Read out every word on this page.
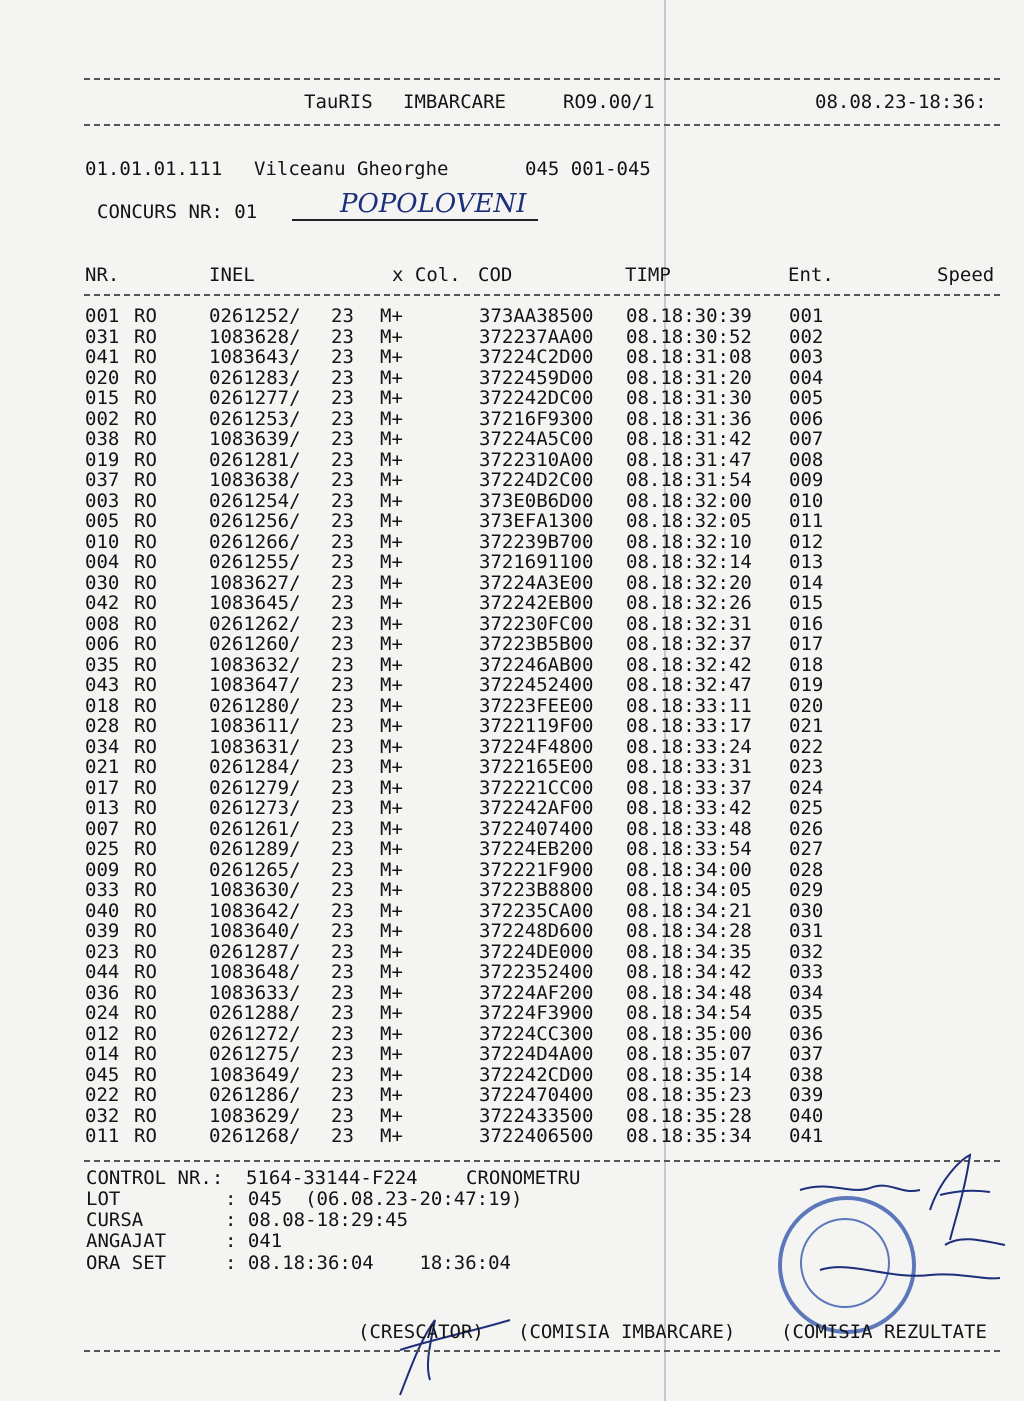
TauRIS IMBARCARE	RO9.00/1	08.08.23-18:36:
01.01.01.111 Vilceanu Gheorghe	045 001-045
CONCURS NR: 01	POPOLOVENI
NR.	INEL	x Col. COD	TIMP	Ent.	Speed
001 RO	0261252/ 23 M+	373AA38500 08.18:30:39 001
031 RO	1083628/ 23 M+	372237AA00 08.18:30:52 002
041 RO	1083643/ 23 M+	37224C2D00 08.18:31:08 003
020 RO	0261283/ 23 M+	3722459D00 08.18:31:20 004
015 RO	0261277/ 23 M+	372242DC00 08.18:31:30 005
002 RO	0261253/ 23 M+	37216F9300 08.18:31:36 006
038 RO	1083639/ 23 M+	37224A5C00 08.18:31:42 007
019 RO	0261281/ 23 M+	3722310A00 08.18:31:47 008
037 RO	1083638/ 23 M+	37224D2C00 08.18:31:54 009
003 RO	0261254/ 23 M+	373E0B6D00 08.18:32:00 010
005 RO	0261256/ 23 M+	373EFA1300 08.18:32:05 011
010 RO	0261266/ 23 M+	372239B700 08.18:32:10 012
004 RO	0261255/ 23 M+	3721691100 08.18:32:14 013
030 RO	1083627/ 23 M+	37224A3E00 08.18:32:20 014
042 RO	1083645/ 23 M+	372242EB00 08.18:32:26 015
008 RO	0261262/ 23 M+	372230FC00 08.18:32:31 016
006 RO	0261260/ 23 M+	37223B5B00 08.18:32:37 017
035 RO	1083632/ 23 M+	372246AB00 08.18:32:42 018
043 RO	1083647/ 23 M+	3722452400 08.18:32:47 019
018 RO	0261280/ 23 M+	37223FEE00 08.18:33:11 020
028 RO	1083611/ 23 M+	3722119F00 08.18:33:17 021
034 RO	1083631/ 23 M+	37224F4800 08.18:33:24 022
021 RO	0261284/ 23 M+	3722165E00 08.18:33:31 023
017 RO	0261279/ 23 M+	372221CC00 08.18:33:37 024
013 RO	0261273/ 23 M+	372242AF00 08.18:33:42 025
007 RO	0261261/ 23 M+	3722407400 08.18:33:48 026
025 RO	0261289/ 23 M+	37224EB200 08.18:33:54 027
009 RO	0261265/ 23 M+	372221F900 08.18:34:00 028
033 RO	1083630/ 23 M+	37223B8800 08.18:34:05 029
040 RO	1083642/ 23 M+	372235CA00 08.18:34:21 030
039 RO	1083640/ 23 M+	372248D600 08.18:34:28 031
023 RO	0261287/ 23 M+	37224DE000 08.18:34:35 032
044 RO	1083648/ 23 M+	3722352400 08.18:34:42 033
036 RO	1083633/ 23 M+	37224AF200 08.18:34:48 034
024 RO	0261288/ 23 M+	37224F3900 08.18:34:54 035
012 RO	0261272/ 23 M+	37224CC300 08.18:35:00 036
014 RO	0261275/ 23 M+	37224D4A00 08.18:35:07 037
045 RO	1083649/ 23 M+	372242CD00 08.18:35:14 038
022 RO	0261286/ 23 M+	3722470400 08.18:35:23 039
032 RO	1083629/ 23 M+	3722433500 08.18:35:28 040
011 RO	0261268/ 23 M+	3722406500 08.18:35:34 041
CONTROL NR.: 5164-33144-F224	CRONOMETRU
LOT	: 045  (06.08.23-20:47:19)
CURSA	: 08.08-18:29:45
ANGAJAT	: 041
ORA SET	: 08.18:36:04    18:36:04
(CRESCATOR) (COMISIA IMBARCARE) (COMISIA REZULTATE
